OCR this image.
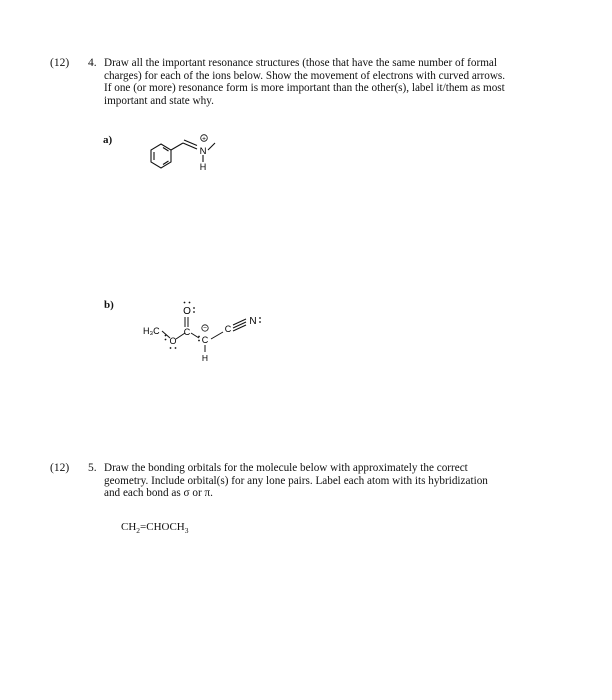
(12) 4. Draw all the important resonance structures (those that have the same number of formal
charges) for each of the ions below. Show the movement of electrons with curved arrows.
If one (or more) resonance form is more important than the other(s), label it/them as most
important and state why.
a)
N
H
+
b)
H₃C
O
C
O	C
H
C
N
−
(12) 5. Draw the bonding orbitals for the molecule below with approximately the correct
geometry. Include orbital(s) for any lone pairs. Label each atom with its hybridization
and each bond as σ or π.
$CH_2=CHOCH_3$
